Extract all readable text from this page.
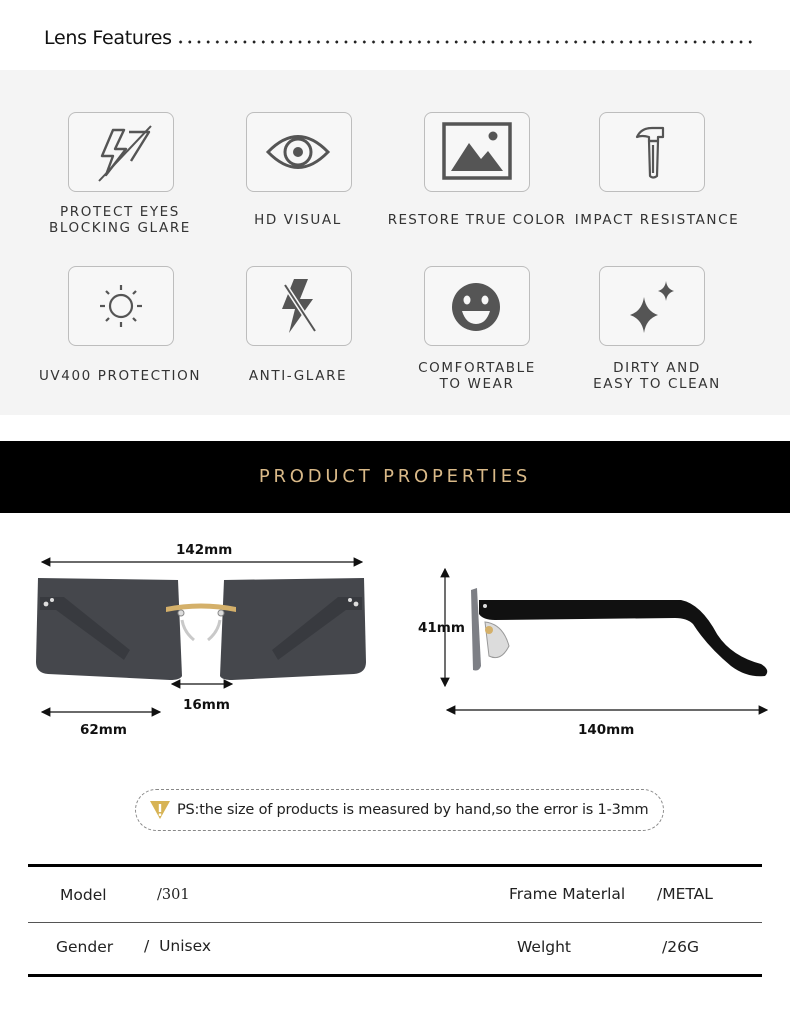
Lens Features
PROTECT EYES
BLOCKING GLARE	HD VISUAL	RESTORE TRUE COLOR IMPACT RESISTANCE
UV400 PROTECTION	ANTI-GLARE	COMFORTABLE
TO WEAR
DIRTY AND
EASY TO CLEAN
PRODUCT PROPERTIES
142mm
16mm
62mm
41mm
140mm
PS:the size of products is measured by hand,so the error is 1-3mm
Model	/301	Frame Materlal /METAL
Gender /  Unisex	Welght	/26G
